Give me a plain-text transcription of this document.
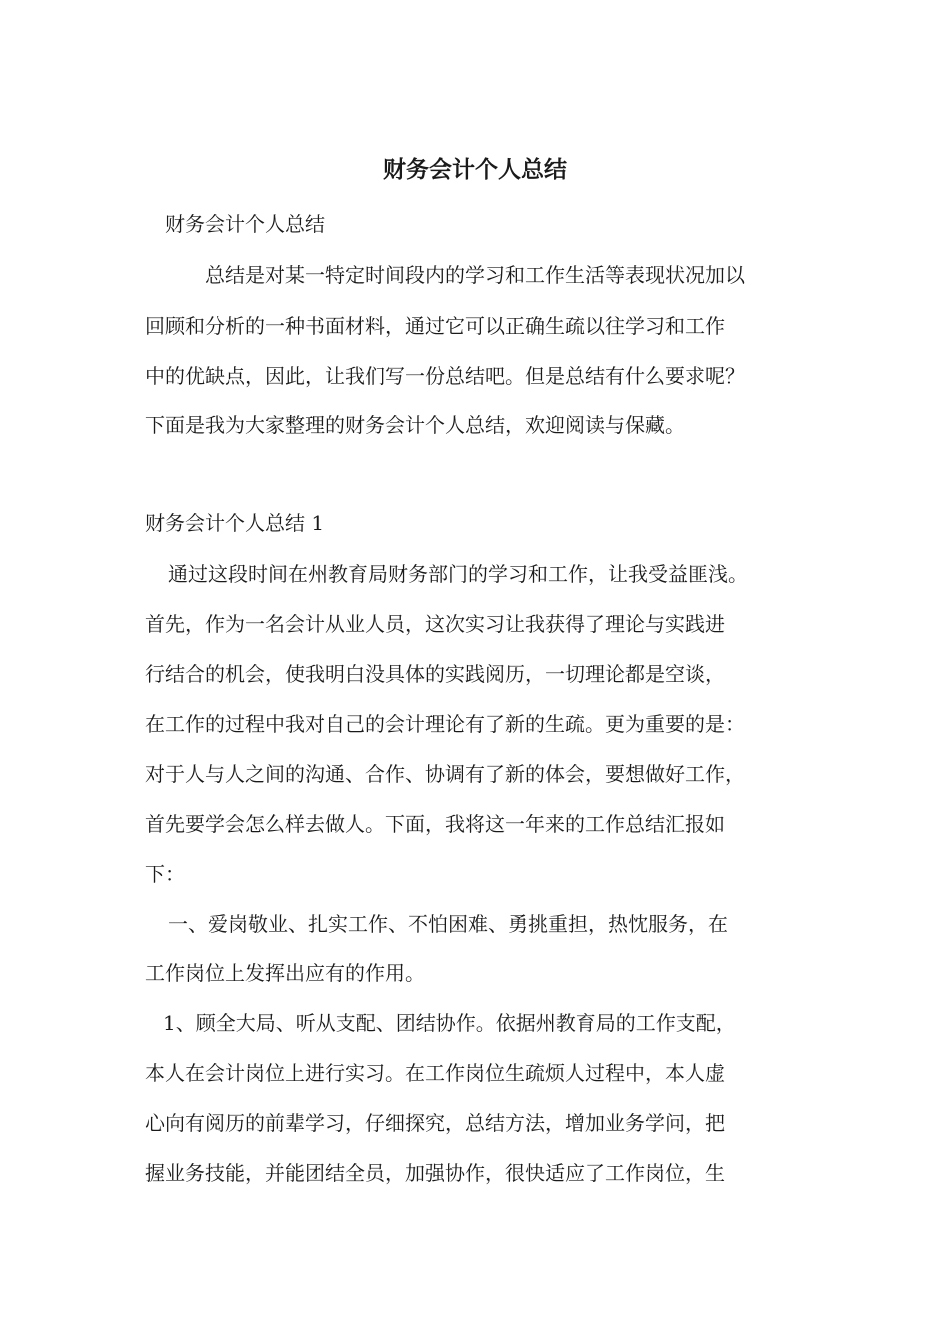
财务会计个人总结
财务会计个人总结
总结是对某一特定时间段内的学习和工作生活等表现状况加以
回顾和分析的一种书面材料，通过它可以正确生疏以往学习和工作
中的优缺点，因此，让我们写一份总结吧。但是总结有什么要求呢？
下面是我为大家整理的财务会计个人总结，欢迎阅读与保藏。
财务会计个人总结 1
通过这段时间在州教育局财务部门的学习和工作，让我受益匪浅。
首先，作为一名会计从业人员，这次实习让我获得了理论与实践进
行结合的机会，使我明白没具体的实践阅历，一切理论都是空谈，
在工作的过程中我对自己的会计理论有了新的生疏。更为重要的是：
对于人与人之间的沟通、合作、协调有了新的体会，要想做好工作，
首先要学会怎么样去做人。下面，我将这一年来的工作总结汇报如
下：
一、爱岗敬业、扎实工作、不怕困难、勇挑重担，热忱服务，在
工作岗位上发挥出应有的作用。
1、顾全大局、听从支配、团结协作。依据州教育局的工作支配，
本人在会计岗位上进行实习。在工作岗位生疏烦人过程中，本人虚
心向有阅历的前辈学习，仔细探究，总结方法，增加业务学问，把
握业务技能，并能团结全员，加强协作，很快适应了工作岗位，生
